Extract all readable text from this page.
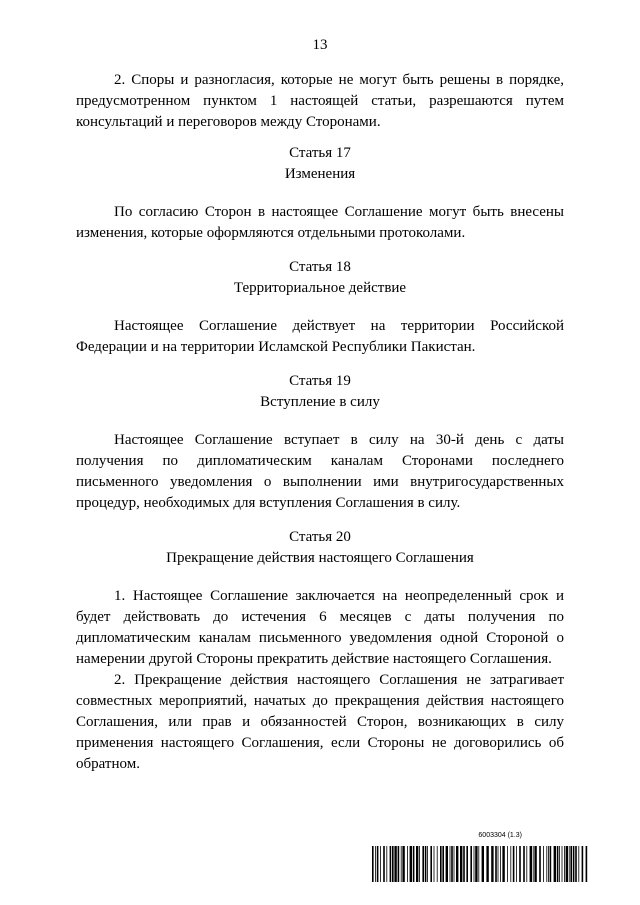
13

2. Споры и разногласия, которые не могут быть решены в порядке, предусмотренном пунктом 1 настоящей статьи, разрешаются путем консультаций и переговоров между Сторонами.

Статья 17
Изменения

По согласию Сторон в настоящее Соглашение могут быть внесены изменения, которые оформляются отдельными протоколами.

Статья 18
Территориальное действие

Настоящее Соглашение действует на территории Российской Федерации и на территории Исламской Республики Пакистан.

Статья 19
Вступление в силу

Настоящее Соглашение вступает в силу на 30-й день с даты получения по дипломатическим каналам Сторонами последнего письменного уведомления о выполнении ими внутригосударственных процедур, необходимых для вступления Соглашения в силу.

Статья 20
Прекращение действия настоящего Соглашения

1. Настоящее Соглашение заключается на неопределенный срок и будет действовать до истечения 6 месяцев с даты получения по дипломатическим каналам письменного уведомления одной Стороной о намерении другой Стороны прекратить действие настоящего Соглашения.

2. Прекращение действия настоящего Соглашения не затрагивает совместных мероприятий, начатых до прекращения действия настоящего Соглашения, или прав и обязанностей Сторон, возникающих в силу применения настоящего Соглашения, если Стороны не договорились об обратном.

6003304 (1.3)
